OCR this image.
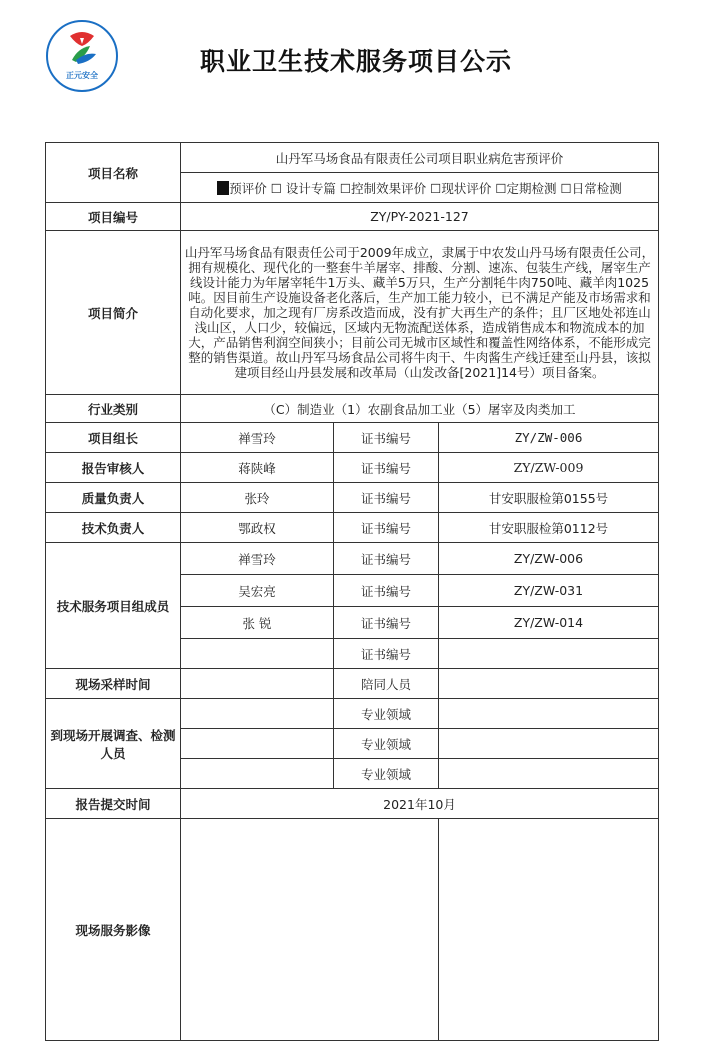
正元安全	职业卫生技术服务项目公示
项目名称	山丹军马场食品有限责任公司项目职业病危害预评价		
	预评价 ☐ 设计专篇 ☐控制效果评价 ☐现状评价 ☐定期检测 ☐日常检测		
项目编号	ZY/PY-2021-127		
项目简介	山丹军马场食品有限责任公司于2009年成立，隶属于中农发山丹马场有限责任公司， 拥有规模化、现代化的一整套牛羊屠宰、排酸、分割、速冻、包装生产线，屠宰生产线设计能力为年屠宰牦牛1万头、藏羊5万只，生产分割牦牛肉750吨、藏羊肉1025吨。因目前生产设施设备老化落后，生产加工能力较小，已不满足产能及市场需求和自动化要求，加之现有厂房系改造而成，没有扩大再生产的条件；且厂区地处祁连山浅山区，人口少，较偏远，区域内无物流配送体系，造成销售成本和物流成本的加大，产品销售利润空间狭小；目前公司无城市区域性和覆盖性网络体系，不能形成完整的销售渠道。故山丹军马场食品公司将牛肉干、牛肉酱生产线迁建至山丹县，该拟建项目经山丹县发展和改革局（山发改备[2021]14号）项目备案。		
行业类别	（C）制造业（1）农副食品加工业（5）屠宰及肉类加工		
项目组长	禅雪玲	证书编号	ZY/ZW-006
报告审核人	蒋陕峰	证书编号	ZY/ZW-009
质量负责人	张玲	证书编号	甘安职服检第0155号
技术负责人	鄂政权	证书编号	甘安职服检第0112号
技术服务项目组成员	禅雪玲	证书编号	ZY/ZW-006
	吴宏亮	证书编号	ZY/ZW-031
	张 锐	证书编号	ZY/ZW-014
		证书编号	
现场采样时间		陪同人员	
到现场开展调查、检测人员		专业领域	
		专业领域	
		专业领域	
报告提交时间	2021年10月		
现场服务影像			
